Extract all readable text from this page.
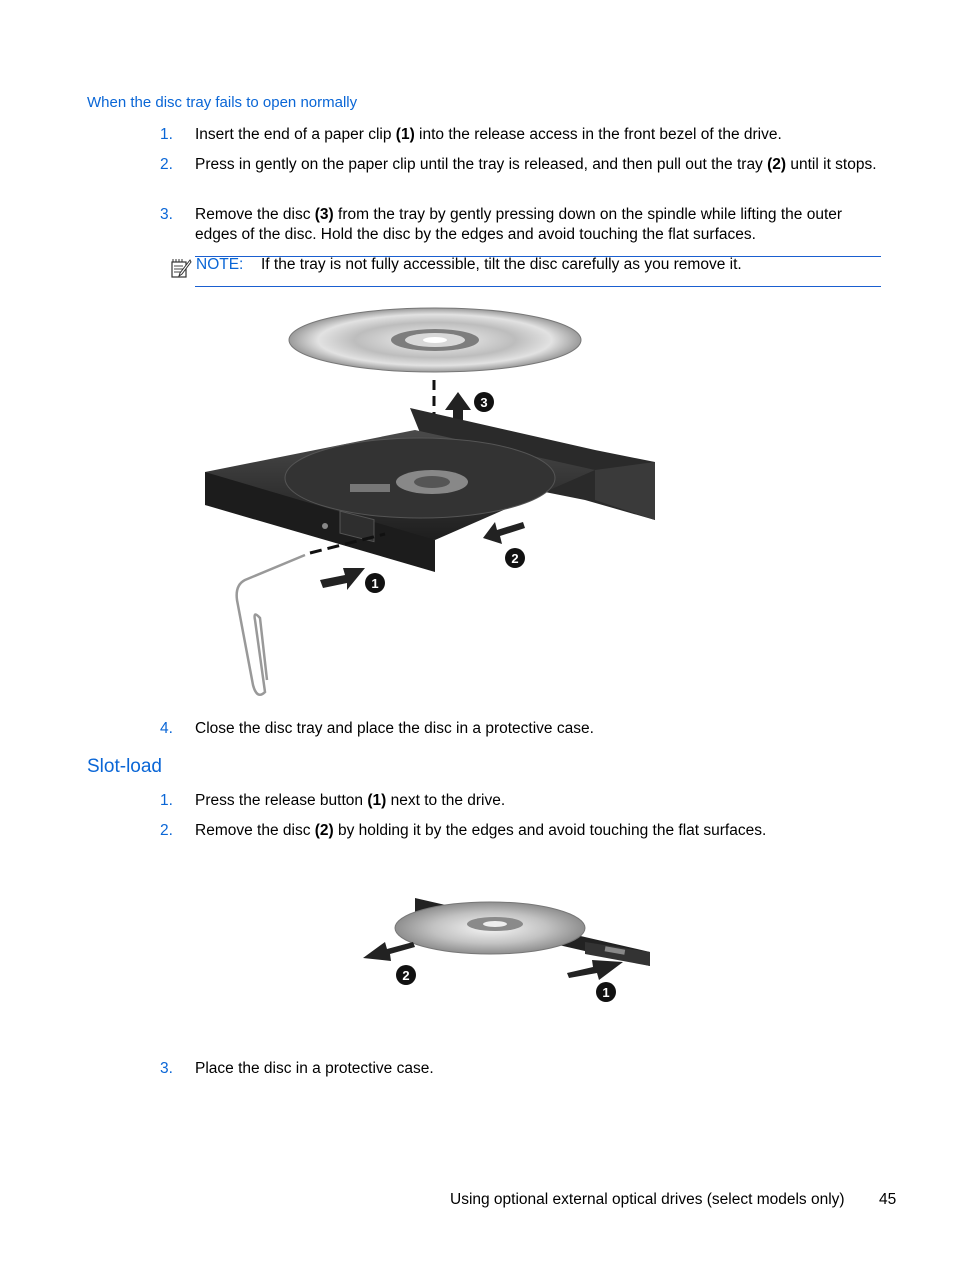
When the disc tray fails to open normally
1. Insert the end of a paper clip (1) into the release access in the front bezel of the drive.
2. Press in gently on the paper clip until the tray is released, and then pull out the tray (2) until it stops.
3. Remove the disc (3) from the tray by gently pressing down on the spindle while lifting the outer edges of the disc. Hold the disc by the edges and avoid touching the flat surfaces.
NOTE: If the tray is not fully accessible, tilt the disc carefully as you remove it.
3
1
2
4. Close the disc tray and place the disc in a protective case.
Slot-load
1. Press the release button (1) next to the drive.
2. Remove the disc (2) by holding it by the edges and avoid touching the flat surfaces.
2
1
3. Place the disc in a protective case.
Using optional external optical drives (select models only) 45
